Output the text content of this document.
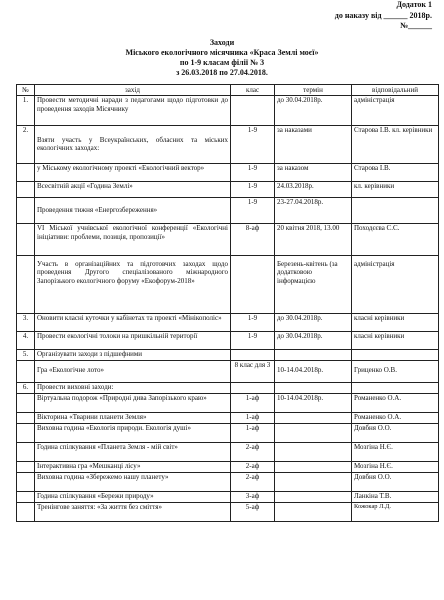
Додаток 1
до наказу від ______ 2018р.
№______
Заходи
Міського екологічного місячника «Краса Землі моєї»
по 1-9 класам філії № 3
з 26.03.2018 по 27.04.2018.
№	захід	клас	термін	відповідальний
1.	Провести методичні наради з педагогами щодо підготовки до проведення заходів Місячнику		до 30.04.2018р.	адміністрація
2.	Взяти участь у Всеукраїнських, обласних та міських екологічних заходах:	1-9	за наказами	Старова І.В. кл. керівники
	у Міському екологічному проекті «Екологічний вектор»	1-9	за наказом	Старова І.В.
	Всесвітній акції «Година Землі»	1-9	24.03.2018р.	кл. керівники
	Проведення тижня «Енергозбереження»	1-9	23-27.04.2018р.	
	VI Міської учнівської екологічної конференції «Екологічні ініціативи: проблеми, позиція, пропозиції»	8-аф	20 квітня 2018, 13.00	Походєєва С.С.
	Участь в організаційних та підготовчих заходах щодо проведення Другого спеціалізованого міжнародного Запорізького екологічного форуму «Екофорум-2018»		Березень-квітень (за додатковою інформацією	адміністрація
3.	Оновити класні куточки у кабінетах та проекті «Мінікополіс»	1-9	до 30.04.2018р.	класні керівники
4.	Провести екологічні толоки на пришкільній території	1-9	до 30.04.2018р.	класні керівники
5.	Організувати заходи з підшефними			
	Гра «Екологічне лото»	8 клас для 3	10-14.04.2018р.	Гриценко О.В.
6.	Провести виховні заходи:			
	Віртуальна подорож «Природні дива Запорізького краю»	1-аф	10-14.04.2018р.	Романенко О.А.
	Вікторина «Тварини планети Земля»	1-аф		Романенко О.А.
	Виховна година «Екологія природи. Екологія душі»	1-аф		Довбня О.О.
	Година спілкування «Планета Земля - мій світ»	2-аф		Мозгіна Н.Є.
	Інтерактивна гра «Мешканці лісу»	2-аф		Мозгіна Н.Є.
	Виховна година «Збережемо нашу планету»	2-аф		Довбня О.О.
	Година спілкування «Бережи природу»	3-аф		Ланкіна Т.В.
	Тренінгове заняття: «За життя без сміття»	5-аф		Кожокар Л.Д.
